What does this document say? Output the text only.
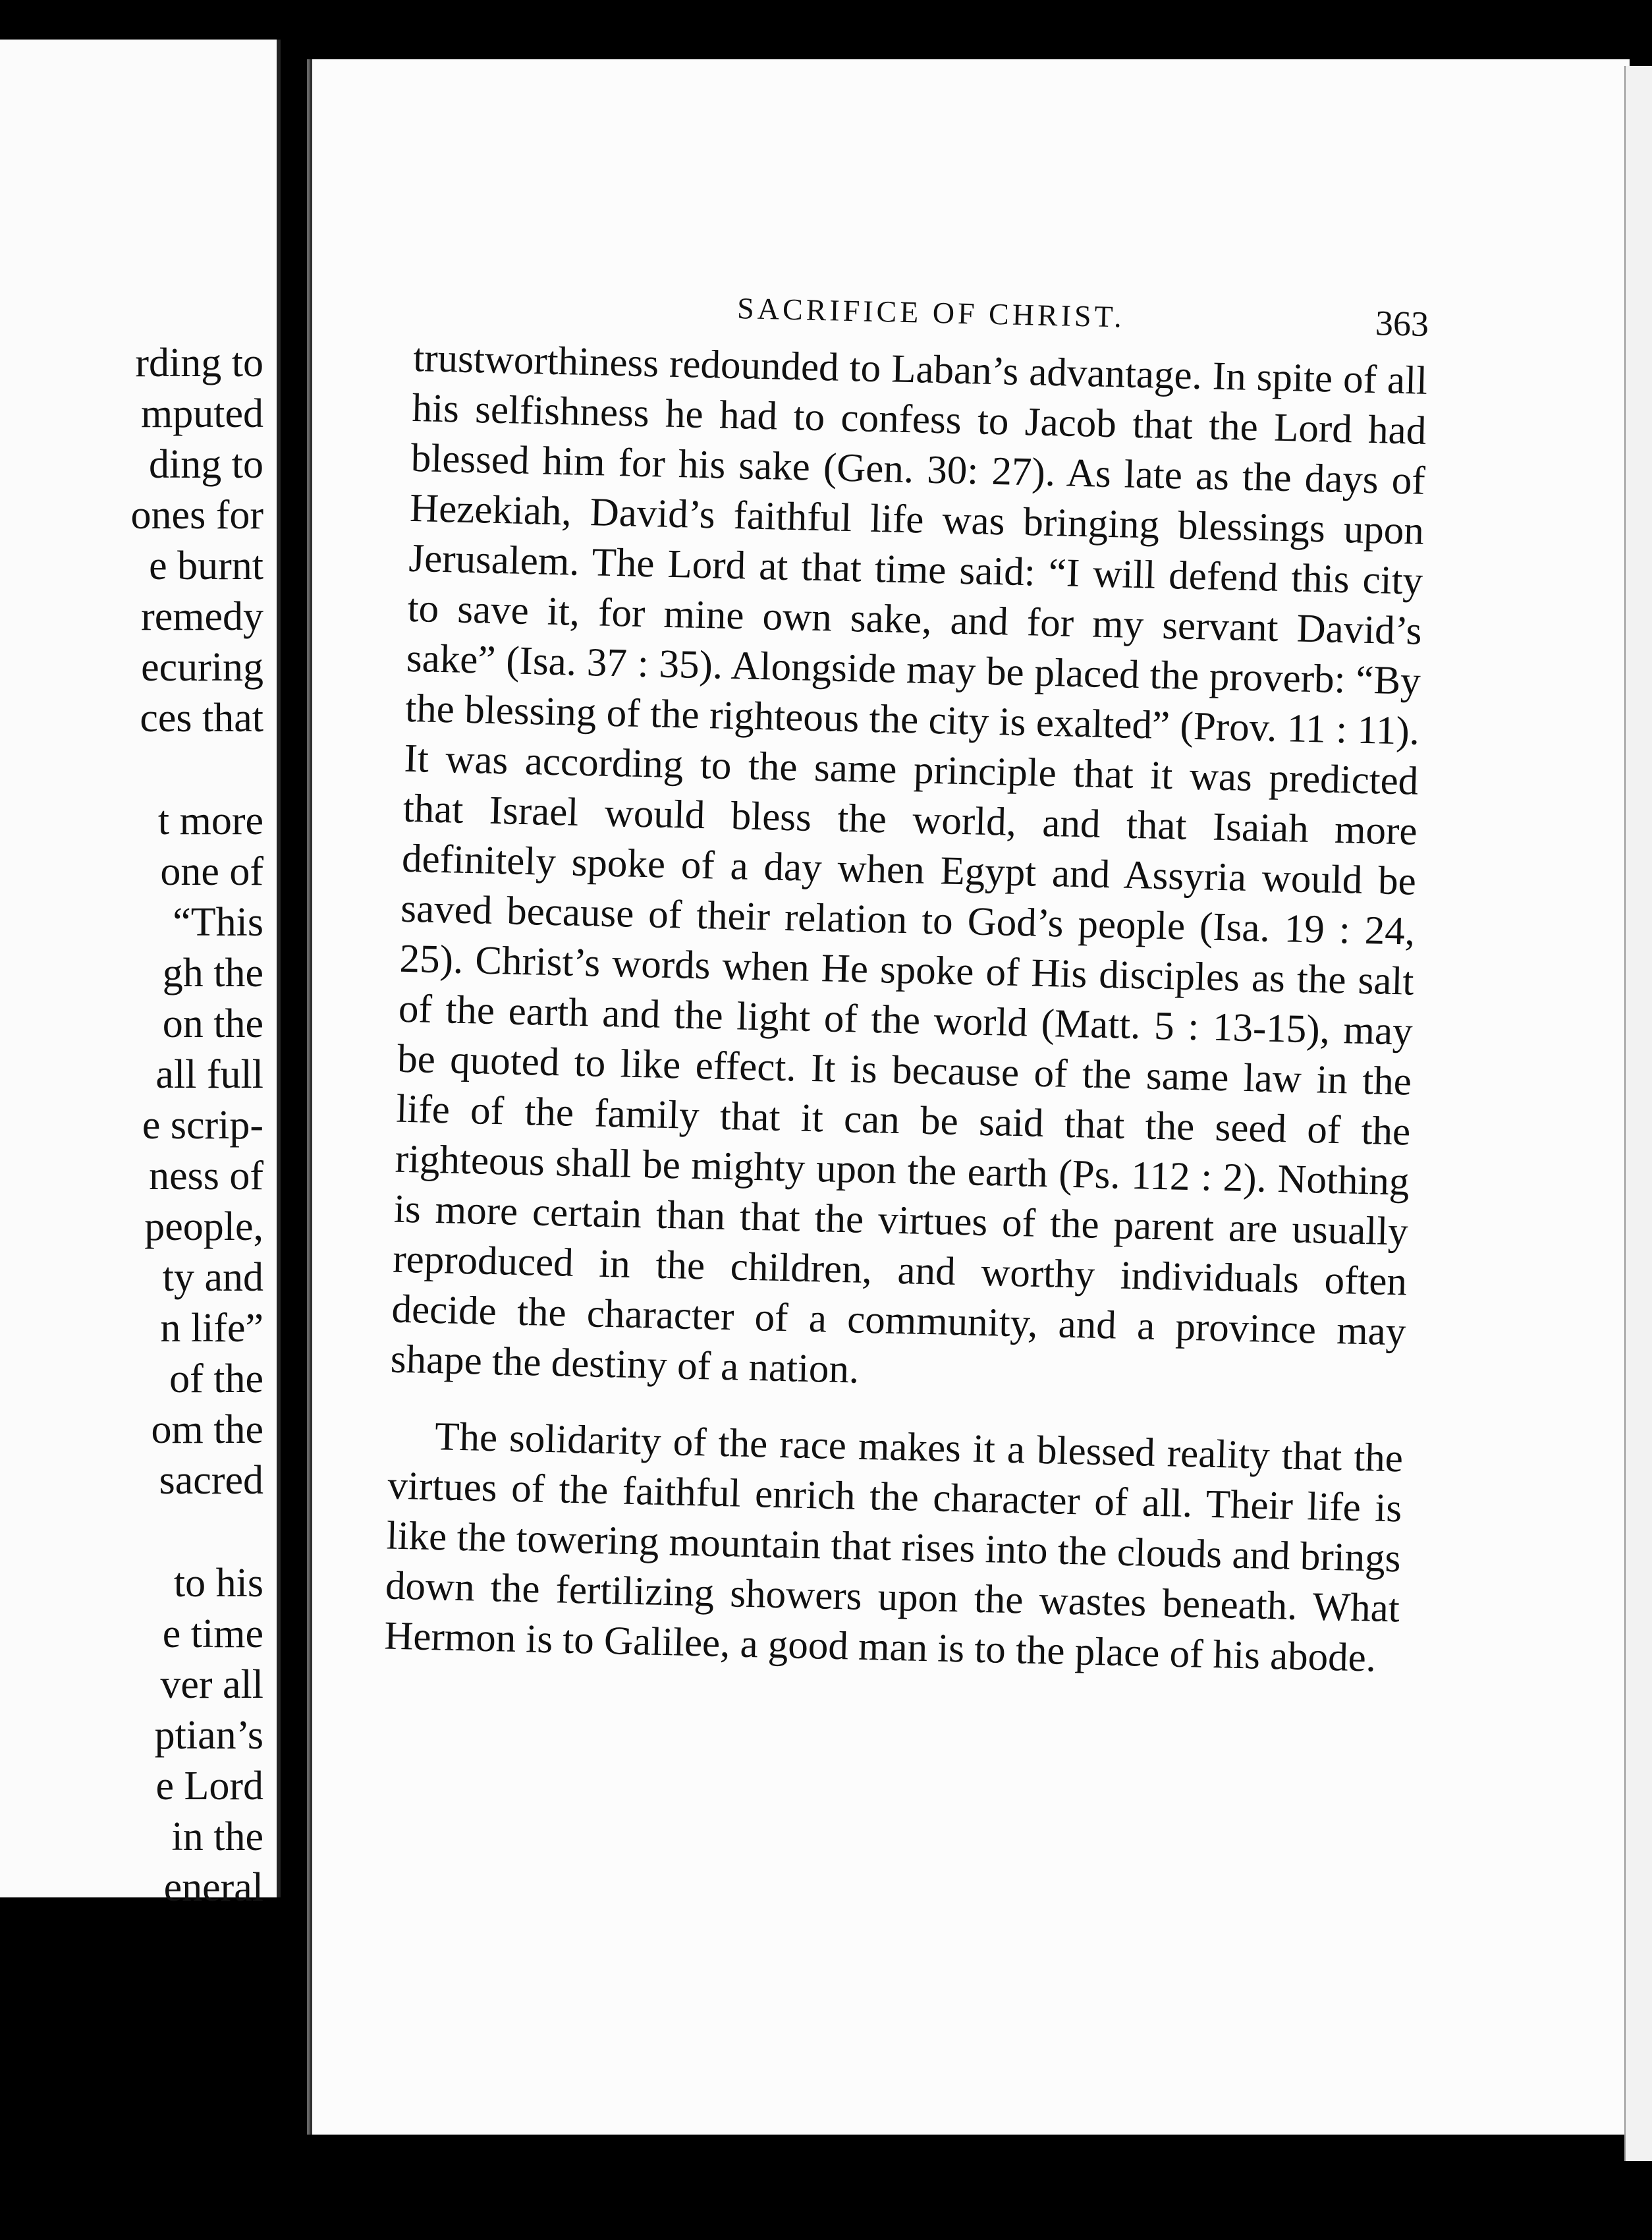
rding to
mputed
ding to
ones for
e burnt
remedy
ecuring
ces that
t more
one of
“This
gh the
on the
all full
e scrip-
ness of
people,
ty and
n life”
of the
om the
sacred
to his
e time
ver all
ptian’s
e Lord
in the
eneral
SACRIFICE OF CHRIST.	363

trustworthiness redounded to Laban’s advantage. In spite of all his selfishness he had to confess to Jacob that the Lord had blessed him for his sake (Gen. 30: 27). As late as the days of Hezekiah, David’s faithful life was bringing blessings upon Jerusalem. The Lord at that time said: “I will defend this city to save it, for mine own sake, and for my servant David’s sake” (Isa. 37 : 35). Alongside may be placed the proverb: “By the blessing of the righteous the city is exalted” (Prov. 11 : 11). It was according to the same principle that it was predicted that Israel would bless the world, and that Isaiah more definitely spoke of a day when Egypt and Assyria would be saved because of their relation to God’s people (Isa. 19 : 24, 25). Christ’s words when He spoke of His disciples as the salt of the earth and the light of the world (Matt. 5 : 13-15), may be quoted to like effect. It is because of the same law in the life of the family that it can be said that the seed of the righteous shall be mighty upon the earth (Ps. 112 : 2). Nothing is more certain than that the virtues of the parent are usually reproduced in the children, and worthy individuals often decide the character of a community, and a province may shape the destiny of a nation.

The solidarity of the race makes it a blessed reality that the virtues of the faithful enrich the character of all. Their life is like the towering mountain that rises into the clouds and brings down the fertilizing showers upon the wastes beneath. What Hermon is to Galilee, a good man is to the place of his abode.
